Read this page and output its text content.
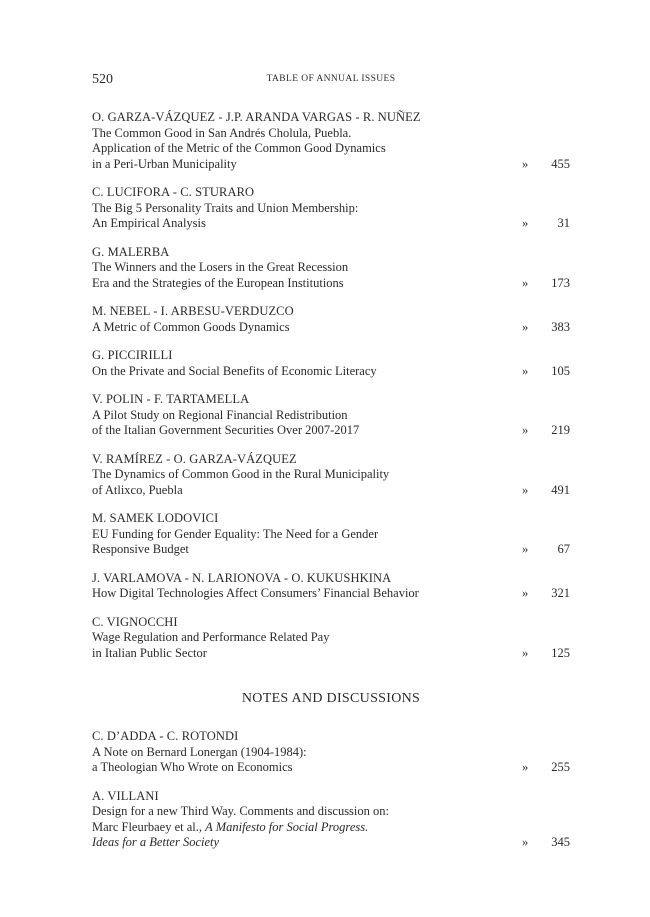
520	TABLE OF ANNUAL ISSUES
O. GARZA-VÁZQUEZ - J.P. ARANDA VARGAS - R. NUÑEZ
The Common Good in San Andrés Cholula, Puebla.
Application of the Metric of the Common Good Dynamics
in a Peri-Urban Municipality	» 455
C. LUCIFORA - C. STURARO
The Big 5 Personality Traits and Union Membership:
An Empirical Analysis	» 31
G. MALERBA
The Winners and the Losers in the Great Recession
Era and the Strategies of the European Institutions	» 173
M. NEBEL - I. ARBESU-VERDUZCO
A Metric of Common Goods Dynamics	» 383
G. PICCIRILLI
On the Private and Social Benefits of Economic Literacy	» 105
V. POLIN - F. TARTAMELLA
A Pilot Study on Regional Financial Redistribution
of the Italian Government Securities Over 2007-2017	» 219
V. RAMÍREZ - O. GARZA-VÁZQUEZ
The Dynamics of Common Good in the Rural Municipality
of Atlixco, Puebla	» 491
M. SAMEK LODOVICI
EU Funding for Gender Equality: The Need for a Gender
Responsive Budget	» 67
J. VARLAMOVA - N. LARIONOVA - O. KUKUSHKINA
How Digital Technologies Affect Consumers’ Financial Behavior	» 321
C. VIGNOCCHI
Wage Regulation and Performance Related Pay
in Italian Public Sector	» 125
NOTES AND DISCUSSIONS
C. D’ADDA - C. ROTONDI
A Note on Bernard Lonergan (1904-1984):
a Theologian Who Wrote on Economics	» 255
A. VILLANI
Design for a new Third Way. Comments and discussion on:
Marc Fleurbaey et al., A Manifesto for Social Progress.
Ideas for a Better Society	» 345
